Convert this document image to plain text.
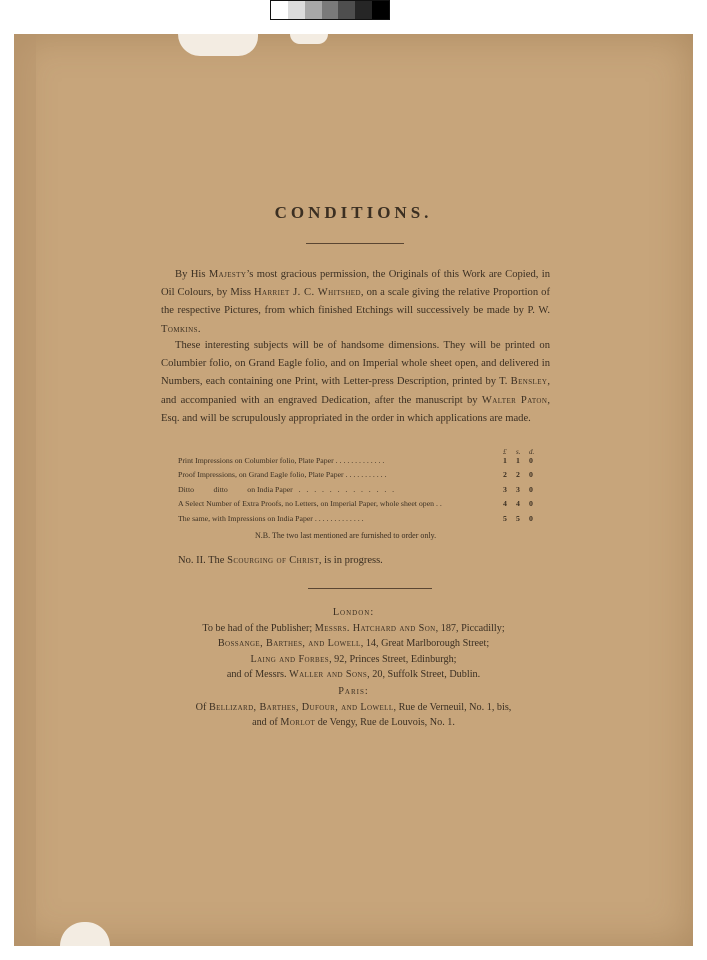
CONDITIONS.
By His Majesty’s most gracious permission, the Originals of this Work are Copied, in Oil Colours, by Miss Harriet J. C. Whitshed, on a scale giving the relative Proportion of the respective Pictures, from which finished Etchings will successively be made by P. W. Tomkins.
These interesting subjects will be of handsome dimensions. They will be printed on Columbier folio, on Grand Eagle folio, and on Imperial whole sheet open, and delivered in Numbers, each containing one Print, with Letter-press Description, printed by T. Bensley, and accompanied with an engraved Dedication, after the manuscript by Walter Paton, Esq. and will be scrupulously appropriated in the order in which applications are made.
£ s. d.
Print Impressions on Columbier folio, Plate Paper . . . . . . . . . . . . .	1	1	0
Proof Impressions, on Grand Eagle folio, Plate Paper . . . . . . . . . . .	2	2	0
Ditto          ditto          on India Paper   .   .   .   .   .   .   .   .   .   .   .   .   .	3	3	0
A Select Number of Extra Proofs, no Letters, on Imperial Paper, whole sheet open . .	4	4	0
The same, with Impressions on India Paper . . . . . . . . . . . . .	5	5	0
N.B. The two last mentioned are furnished to order only.
No. II. The Scourging of Christ, is in progress.
London:
To be had of the Publisher; Messrs. Hatchard and Son, 187, Piccadilly;
Bossange, Barthes, and Lowell, 14, Great Marlborough Street;
Laing and Forbes, 92, Princes Street, Edinburgh;
and of Messrs. Waller and Sons, 20, Suffolk Street, Dublin.
Paris:
Of Bellizard, Barthes, Dufour, and Lowell, Rue de Verneuil, No. 1, bis,
and of Morlot de Vengy, Rue de Louvois, No. 1.
